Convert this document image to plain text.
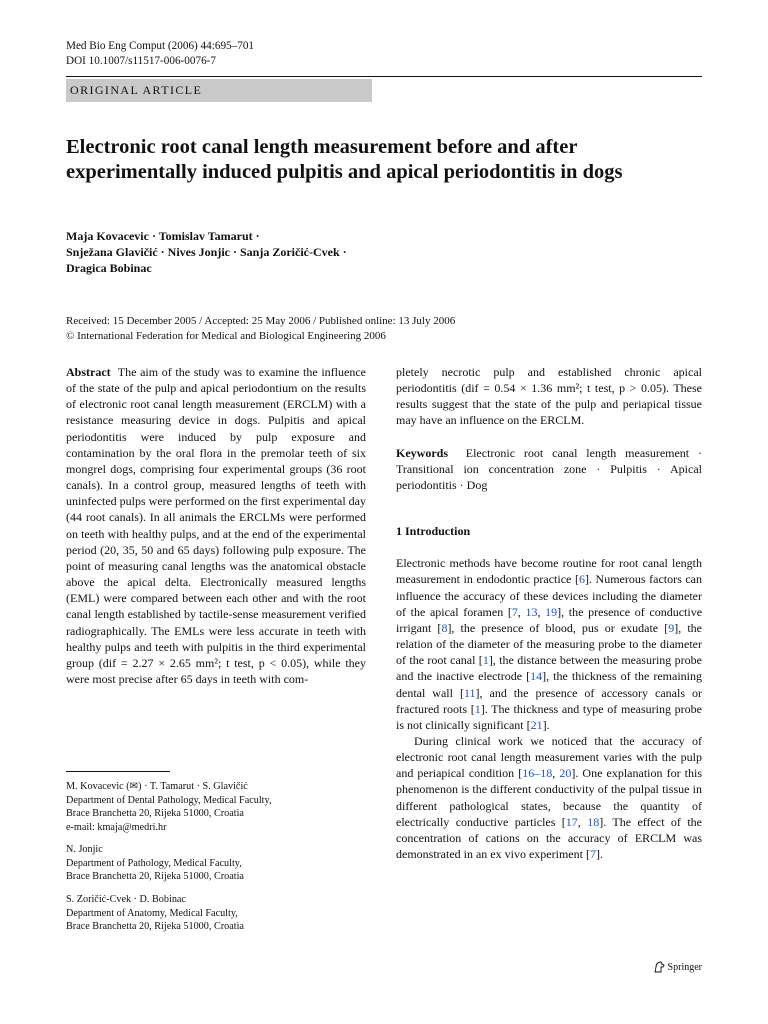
Med Bio Eng Comput (2006) 44:695–701
DOI 10.1007/s11517-006-0076-7
ORIGINAL ARTICLE
Electronic root canal length measurement before and after experimentally induced pulpitis and apical periodontitis in dogs
Maja Kovacevic · Tomislav Tamarut ·
Snježana Glavičić · Nives Jonjic · Sanja Zoričić-Cvek ·
Dragica Bobinac
Received: 15 December 2005 / Accepted: 25 May 2006 / Published online: 13 July 2006
© International Federation for Medical and Biological Engineering 2006

Abstract The aim of the study was to examine the influence of the state of the pulp and apical periodontium on the results of electronic root canal length measurement (ERCLM) with a resistance measuring device in dogs. Pulpitis and apical periodontitis were induced by pulp exposure and contamination by the oral flora in the premolar teeth of six mongrel dogs, comprising four experimental groups (36 root canals). In a control group, measured lengths of teeth with uninfected pulps were performed on the first experimental day (44 root canals). In all animals the ERCLMs were performed on teeth with healthy pulps, and at the end of the experimental period (20, 35, 50 and 65 days) following pulp exposure. The point of measuring canal lengths was the anatomical obstacle above the apical delta. Electronically measured lengths (EML) were compared between each other and with the root canal length established by tactile-sense measurement verified radiographically. The EMLs were less accurate in teeth with healthy pulps and teeth with pulpitis in the third experimental group (dif = 2.27 × 2.65 mm²; t test, p < 0.05), while they were most precise after 65 days in teeth with com-

M. Kovacevic (✉) · T. Tamarut · S. Glavičić
Department of Dental Pathology, Medical Faculty,
Brace Branchetta 20, Rijeka 51000, Croatia
e-mail: kmaja@medri.hr
N. Jonjic
Department of Pathology, Medical Faculty,
Brace Branchetta 20, Rijeka 51000, Croatia
S. Zoričić-Cvek · D. Bobinac
Department of Anatomy, Medical Faculty,
Brace Branchetta 20, Rijeka 51000, Croatia
pletely necrotic pulp and established chronic apical periodontitis (dif = 0.54 × 1.36 mm²; t test, p > 0.05). These results suggest that the state of the pulp and periapical tissue may have an influence on the ERCLM.

Keywords Electronic root canal length measurement · Transitional ion concentration zone · Pulpitis · Apical periodontitis · Dog

1 Introduction

Electronic methods have become routine for root canal length measurement in endodontic practice [6]. Numerous factors can influence the accuracy of these devices including the diameter of the apical foramen [7, 13, 19], the presence of conductive irrigant [8], the presence of blood, pus or exudate [9], the relation of the diameter of the measuring probe to the diameter of the root canal [1], the distance between the measuring probe and the inactive electrode [14], the thickness of the remaining dental wall [11], and the presence of accessory canals or fractured roots [1]. The thickness and type of measuring probe is not clinically significant [21].

During clinical work we noticed that the accuracy of electronic root canal length measurement varies with the pulp and periapical condition [16–18, 20]. One explanation for this phenomenon is the different conductivity of the pulpal tissue in different pathological states, because the quantity of electrically conductive particles [17, 18]. The effect of the concentration of cations on the accuracy of ERCLM was demonstrated in an ex vivo experiment [7].

Springer
